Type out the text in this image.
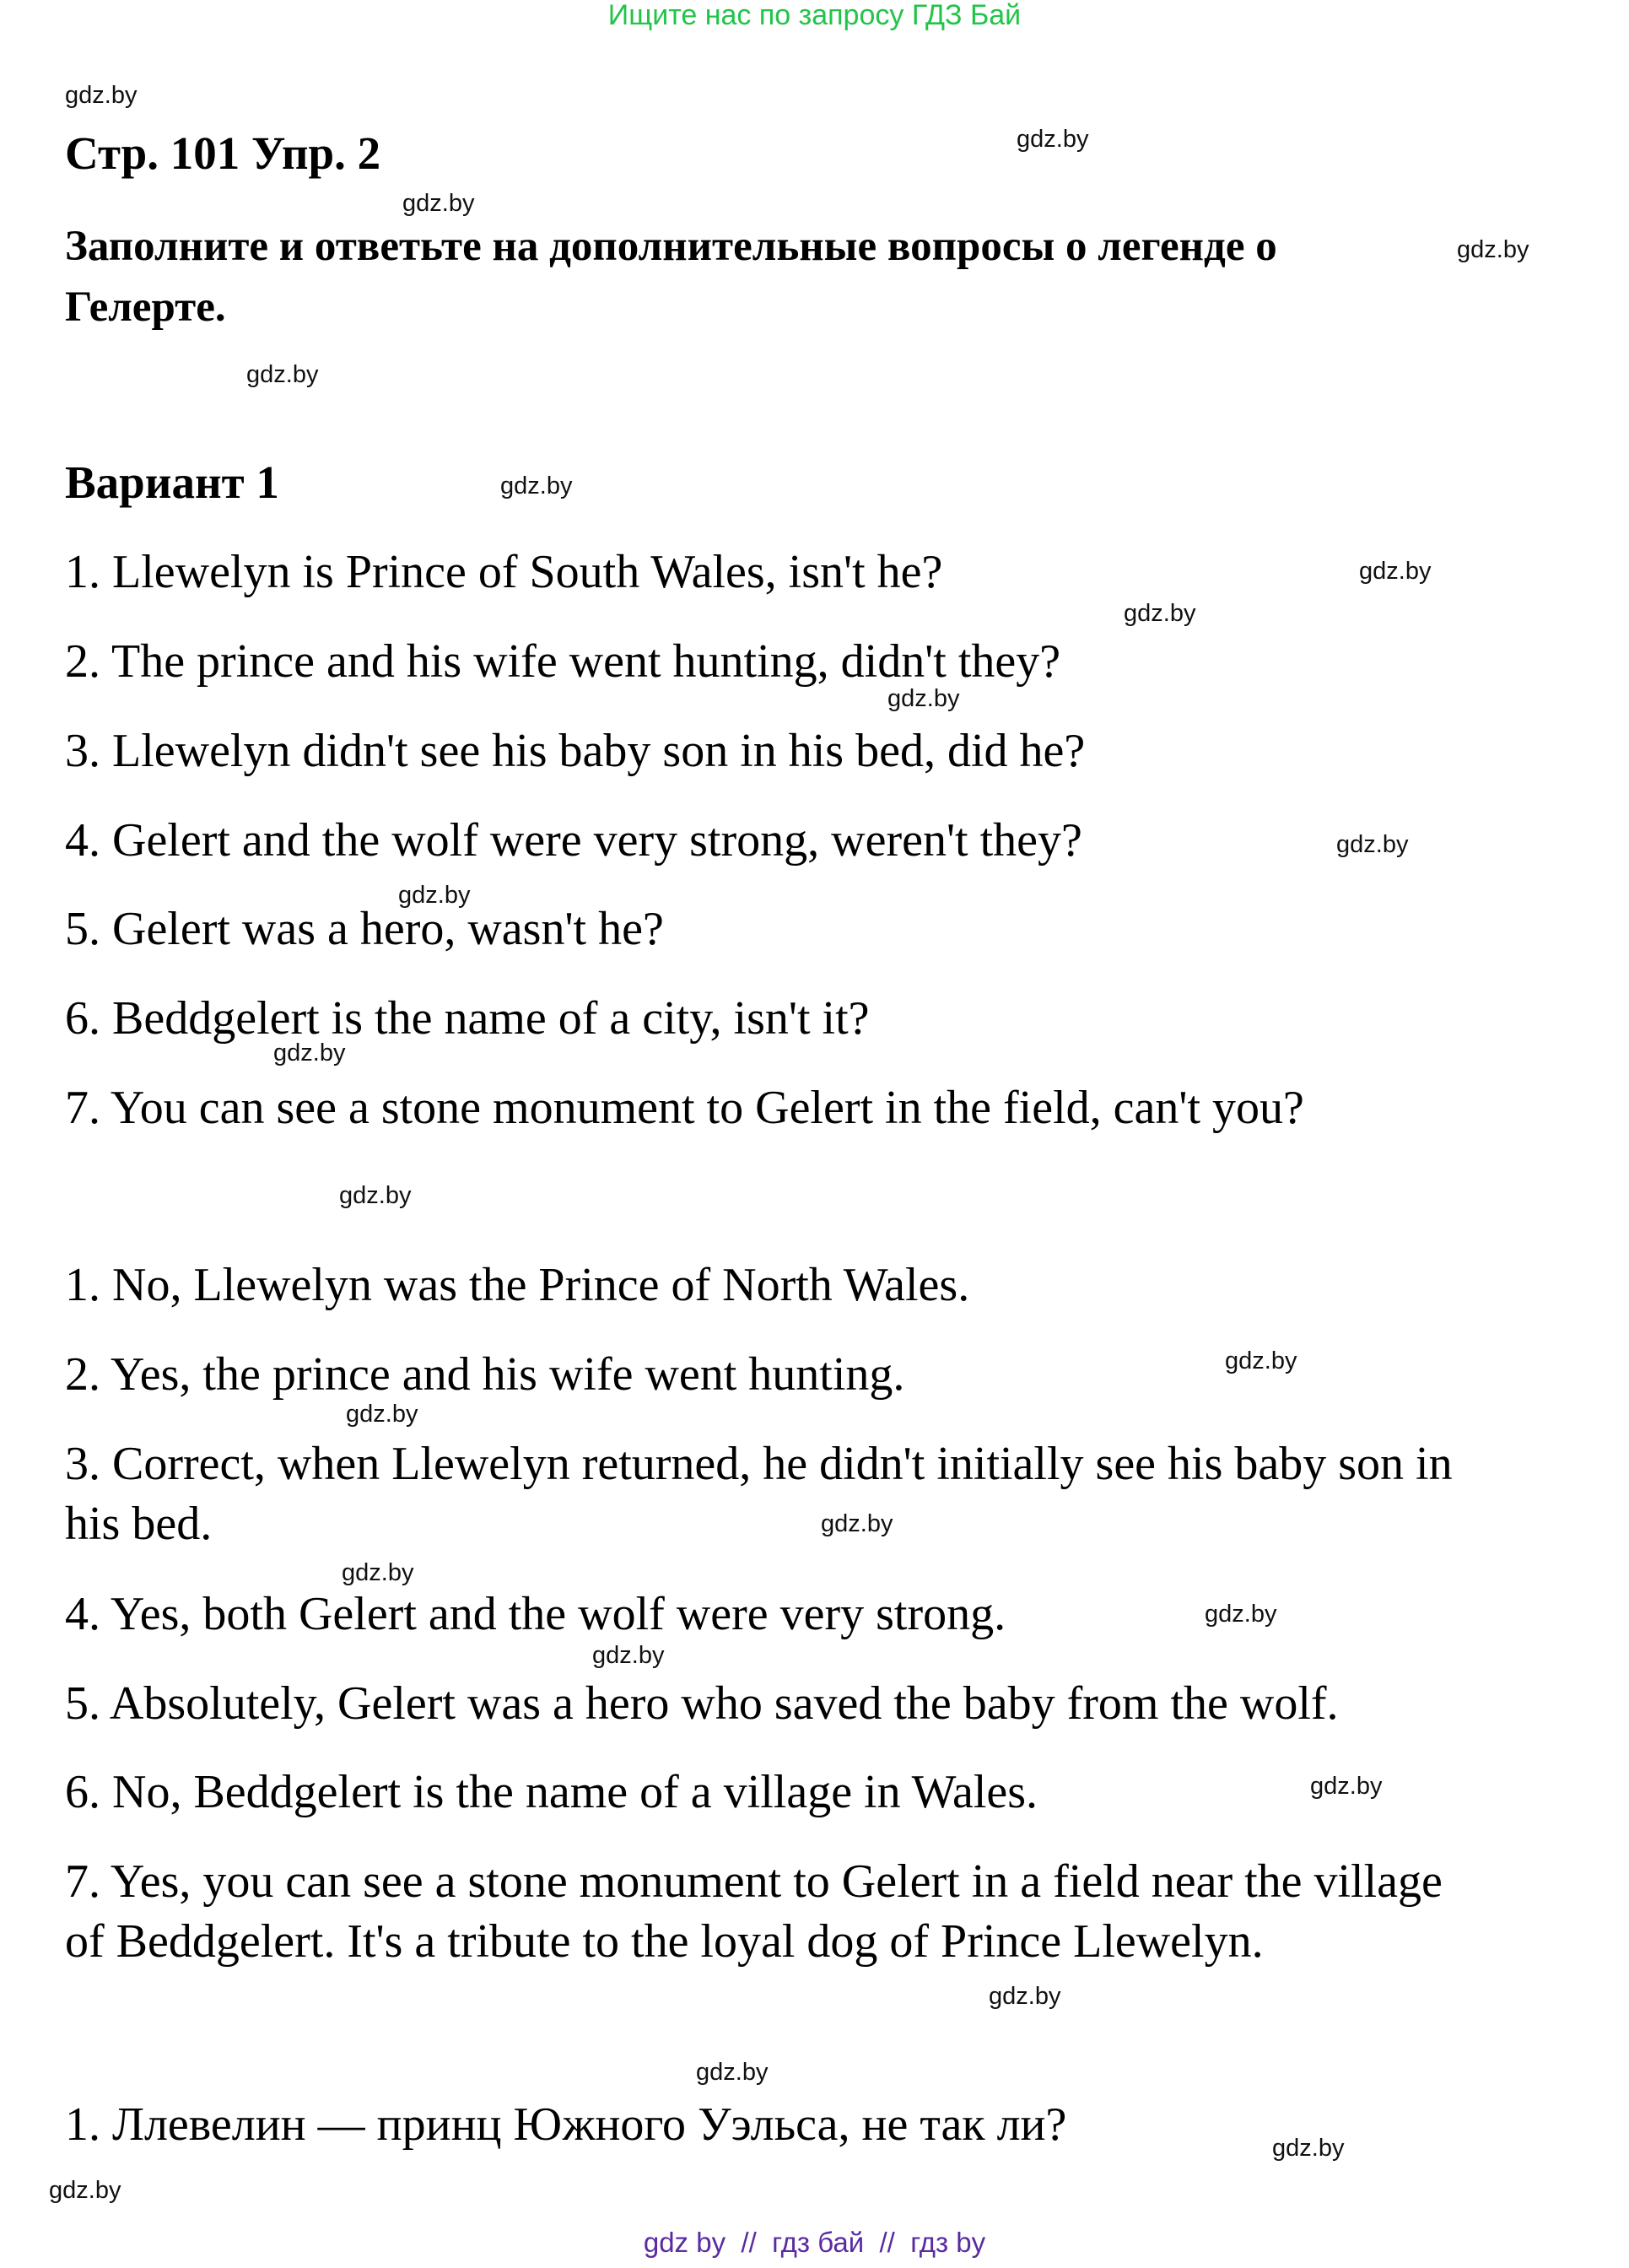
Ищите нас по запросу ГДЗ Бай
gdz.by
gdz.by
gdz.by
gdz.by
gdz.by
gdz.by
gdz.by
gdz.by
gdz.by
gdz.by
gdz.by
gdz.by
gdz.by
gdz.by
gdz.by
gdz.by
gdz.by
gdz.by
gdz.by
gdz.by
gdz.by
gdz.by
gdz.by
gdz.by
Стр. 101 Упр. 2
Заполните и ответьте на дополнительные вопросы о легенде о
Гелерте.
Вариант 1
1. Llewelyn is Prince of South Wales, isn't he?
2. The prince and his wife went hunting, didn't they?
3. Llewelyn didn't see his baby son in his bed, did he?
4. Gelert and the wolf were very strong, weren't they?
5. Gelert was a hero, wasn't he?
6. Beddgelert is the name of a city, isn't it?
7. You can see a stone monument to Gelert in the field, can't you?
1. No, Llewelyn was the Prince of North Wales.
2. Yes, the prince and his wife went hunting.
3. Correct, when Llewelyn returned, he didn't initially see his baby son in
his bed.
4. Yes, both Gelert and the wolf were very strong.
5. Absolutely, Gelert was a hero who saved the baby from the wolf.
6. No, Beddgelert is the name of a village in Wales.
7. Yes, you can see a stone monument to Gelert in a field near the village
of Beddgelert. It's a tribute to the loyal dog of Prince Llewelyn.
1. Ллевелин — принц Южного Уэльса, не так ли?
gdz by // гдз бай // гдз by
